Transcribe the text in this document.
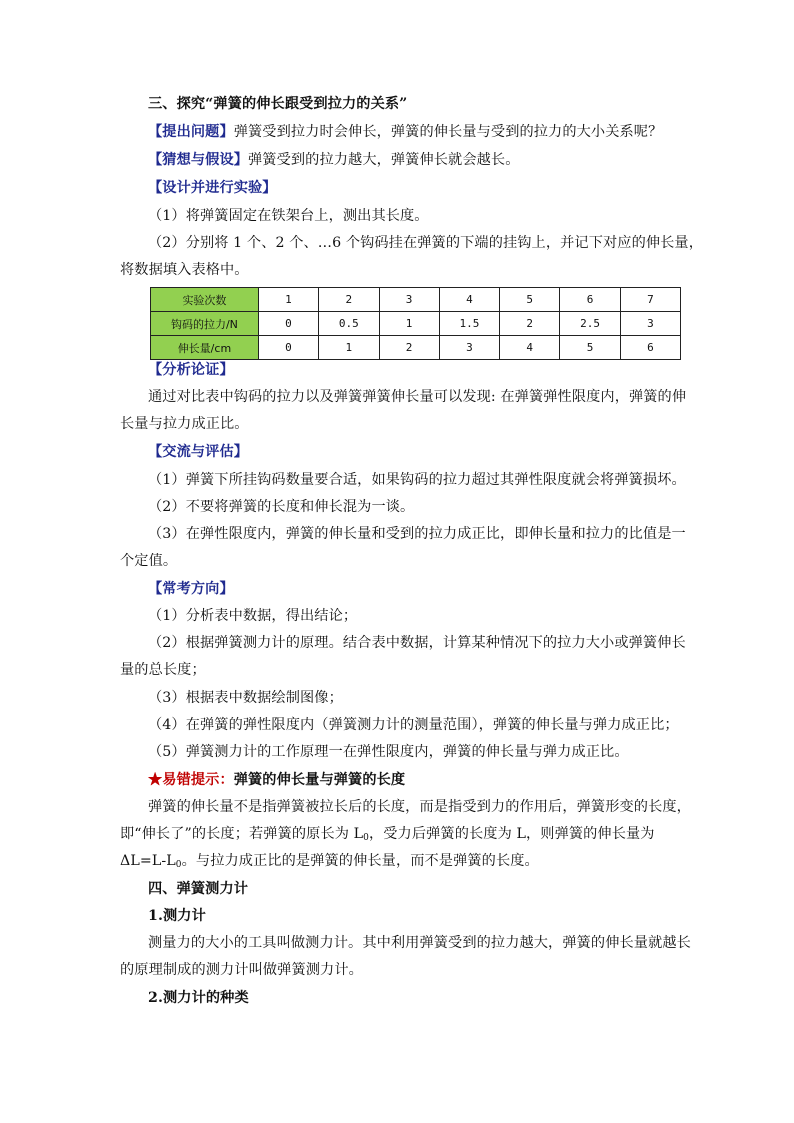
三、探究“弹簧的伸长跟受到拉力的关系”
【提出问题】弹簧受到拉力时会伸长，弹簧的伸长量与受到的拉力的大小关系呢？
【猜想与假设】弹簧受到的拉力越大，弹簧伸长就会越长。
【设计并进行实验】
（1）将弹簧固定在铁架台上，测出其长度。
（2）分别将 1 个、2 个、…6 个钩码挂在弹簧的下端的挂钩上，并记下对应的伸长量，
将数据填入表格中。
实验次数	1	2	3	4	5	6	7
钩码的拉力/N	0	0.5	1	1.5	2	2.5	3
伸长量/cm	0	1	2	3	4	5	6
【分析论证】
通过对比表中钩码的拉力以及弹簧弹簧伸长量可以发现: 在弹簧弹性限度内，弹簧的伸
长量与拉力成正比。
【交流与评估】
（1）弹簧下所挂钩码数量要合适，如果钩码的拉力超过其弹性限度就会将弹簧损坏。
（2）不要将弹簧的长度和伸长混为一谈。
（3）在弹性限度内，弹簧的伸长量和受到的拉力成正比，即伸长量和拉力的比值是一
个定值。
【常考方向】
（1）分析表中数据，得出结论；
（2）根据弹簧测力计的原理。结合表中数据，计算某种情况下的拉力大小或弹簧伸长
量的总长度；
（3）根据表中数据绘制图像；
（4）在弹簧的弹性限度内（弹簧测力计的测量范围），弹簧的伸长量与弹力成正比；
（5）弹簧测力计的工作原理一在弹性限度内，弹簧的伸长量与弹力成正比。
★易错提示：弹簧的伸长量与弹簧的长度
弹簧的伸长量不是指弹簧被拉长后的长度，而是指受到力的作用后，弹簧形变的长度，
即“伸长了”的长度；若弹簧的原长为 $L_0$，受力后弹簧的长度为 L，则弹簧的伸长量为
$\Delta L=L-L_0$。与拉力成正比的是弹簧的伸长量，而不是弹簧的长度。
四、弹簧测力计
1.测力计
测量力的大小的工具叫做测力计。其中利用弹簧受到的拉力越大，弹簧的伸长量就越长
的原理制成的测力计叫做弹簧测力计。
2.测力计的种类
